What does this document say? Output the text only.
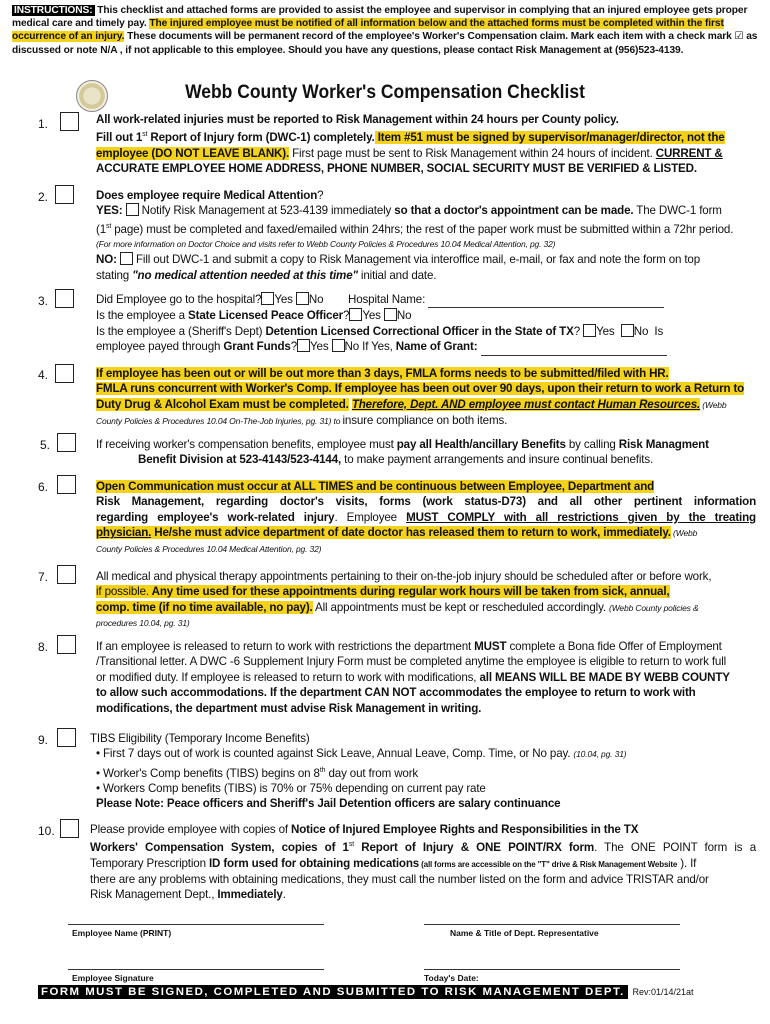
INSTRUCTIONS: This checklist and attached forms are provided to assist the employee and supervisor in complying that an injured employee gets proper medical care and timely pay. The injured employee must be notified of all information below and the attached forms must be completed within the first occurrence of an injury. These documents will be permanent record of the employee's Worker's Compensation claim. Mark each item with a check mark ☑ as discussed or note N/A , if not applicable to this employee. Should you have any questions, please contact Risk Management at (956)523-4139.
Webb County Worker's Compensation Checklist
1.	All work-related injuries must be reported to Risk Management within 24 hours per County policy.
Fill out 1st Report of Injury form (DWC-1) completely. Item #51 must be signed by supervisor/manager/director, not the
employee (DO NOT LEAVE BLANK). First page must be sent to Risk Management within 24 hours of incident. CURRENT &
ACCURATE EMPLOYEE HOME ADDRESS, PHONE NUMBER, SOCIAL SECURITY MUST BE VERIFIED & LISTED.
2.	Does employee require Medical Attention?
YES:  Notify Risk Management at 523-4139 immediately so that a doctor's appointment can be made. The DWC-1 form
(1st page) must be completed and faxed/emailed within 24hrs; the rest of the paper work must be submitted within a 72hr period.
(For more information on Doctor Choice and visits refer to Webb County Policies & Procedures 10.04 Medical Attention, pg. 32)
NO:  Fill out DWC-1 and submit a copy to Risk Management via interoffice mail, e-mail, or fax and note the form on top
stating "no medical attention needed at this time" initial and date.
3.	Did Employee go to the hospital? Yes No Hospital Name:
Is the employee a State Licensed Peace Officer? Yes No
Is the employee a (Sheriff's Dept) Detention Licensed Correctional Officer in the State of TX? Yes No Is
employee payed through Grant Funds? Yes No If Yes, Name of Grant:
4.	If employee has been out or will be out more than 3 days, FMLA forms needs to be submitted/filed with HR.
FMLA runs concurrent with Worker's Comp. If employee has been out over 90 days, upon their return to work a Return to
Duty Drug & Alcohol Exam must be completed. Therefore, Dept. AND employee must contact Human Resources. (Webb
County Policies & Procedures 10.04 On-The-Job Injuries, pg. 31) to insure compliance on both items.
5.	If receiving worker's compensation benefits, employee must pay all Health/ancillary Benefits by calling Risk Managment
Benefit Division at 523-4143/523-4144, to make payment arrangements and insure continual benefits.
6.	Open Communication must occur at ALL TIMES and be continuous between Employee, Department and
Risk Management, regarding doctor's visits, forms (work status-D73) and all other pertinent information
regarding employee's work-related injury. Employee MUST COMPLY with all restrictions given by the treating
physician. He/she must advice department of date doctor has released them to return to work, immediately. (Webb
County Policies & Procedures 10.04 Medical Attention, pg. 32)
7.	All medical and physical therapy appointments pertaining to their on-the-job injury should be scheduled after or before work,
if possible. Any time used for these appointments during regular work hours will be taken from sick, annual,
comp. time (if no time available, no pay). All appointments must be kept or rescheduled accordingly. (Webb County policies &
procedures 10.04, pg. 31)
8.	If an employee is released to return to work with restrictions the department MUST complete a Bona fide Offer of Employment
/Transitional letter. A DWC -6 Supplement Injury Form must be completed anytime the employee is eligible to return to work full
or modified duty. If employee is released to return to work with modifications, all MEANS WILL BE MADE BY WEBB COUNTY
to allow such accommodations. If the department CAN NOT accommodates the employee to return to work with
modifications, the department must advise Risk Management in writing.
9.	TIBS Eligibility (Temporary Income Benefits)
• First 7 days out of work is counted against Sick Leave, Annual Leave, Comp. Time, or No pay. (10.04, pg. 31)
• Worker's Comp benefits (TIBS) begins on 8th day out from work
• Workers Comp benefits (TIBS) is 70% or 75% depending on current pay rate
Please Note: Peace officers and Sheriff's Jail Detention officers are salary continuance
10.	Please provide employee with copies of Notice of Injured Employee Rights and Responsibilities in the TX
Workers' Compensation System, copies of 1st Report of Injury & ONE POINT/RX form. The ONE POINT form is a
Temporary Prescription ID form used for obtaining medications (all forms are accessible on the "T" drive & Risk Management Website ). If
there are any problems with obtaining medications, they must call the number listed on the form and advice TRISTAR and/or
Risk Management Dept., Immediately.
Employee Name (PRINT)	Name & Title of Dept. Representative
Employee Signature	Today's Date:
FORM MUST BE SIGNED, COMPLETED AND SUBMITTED TO RISK MANAGEMENT DEPT. Rev:01/14/21at
